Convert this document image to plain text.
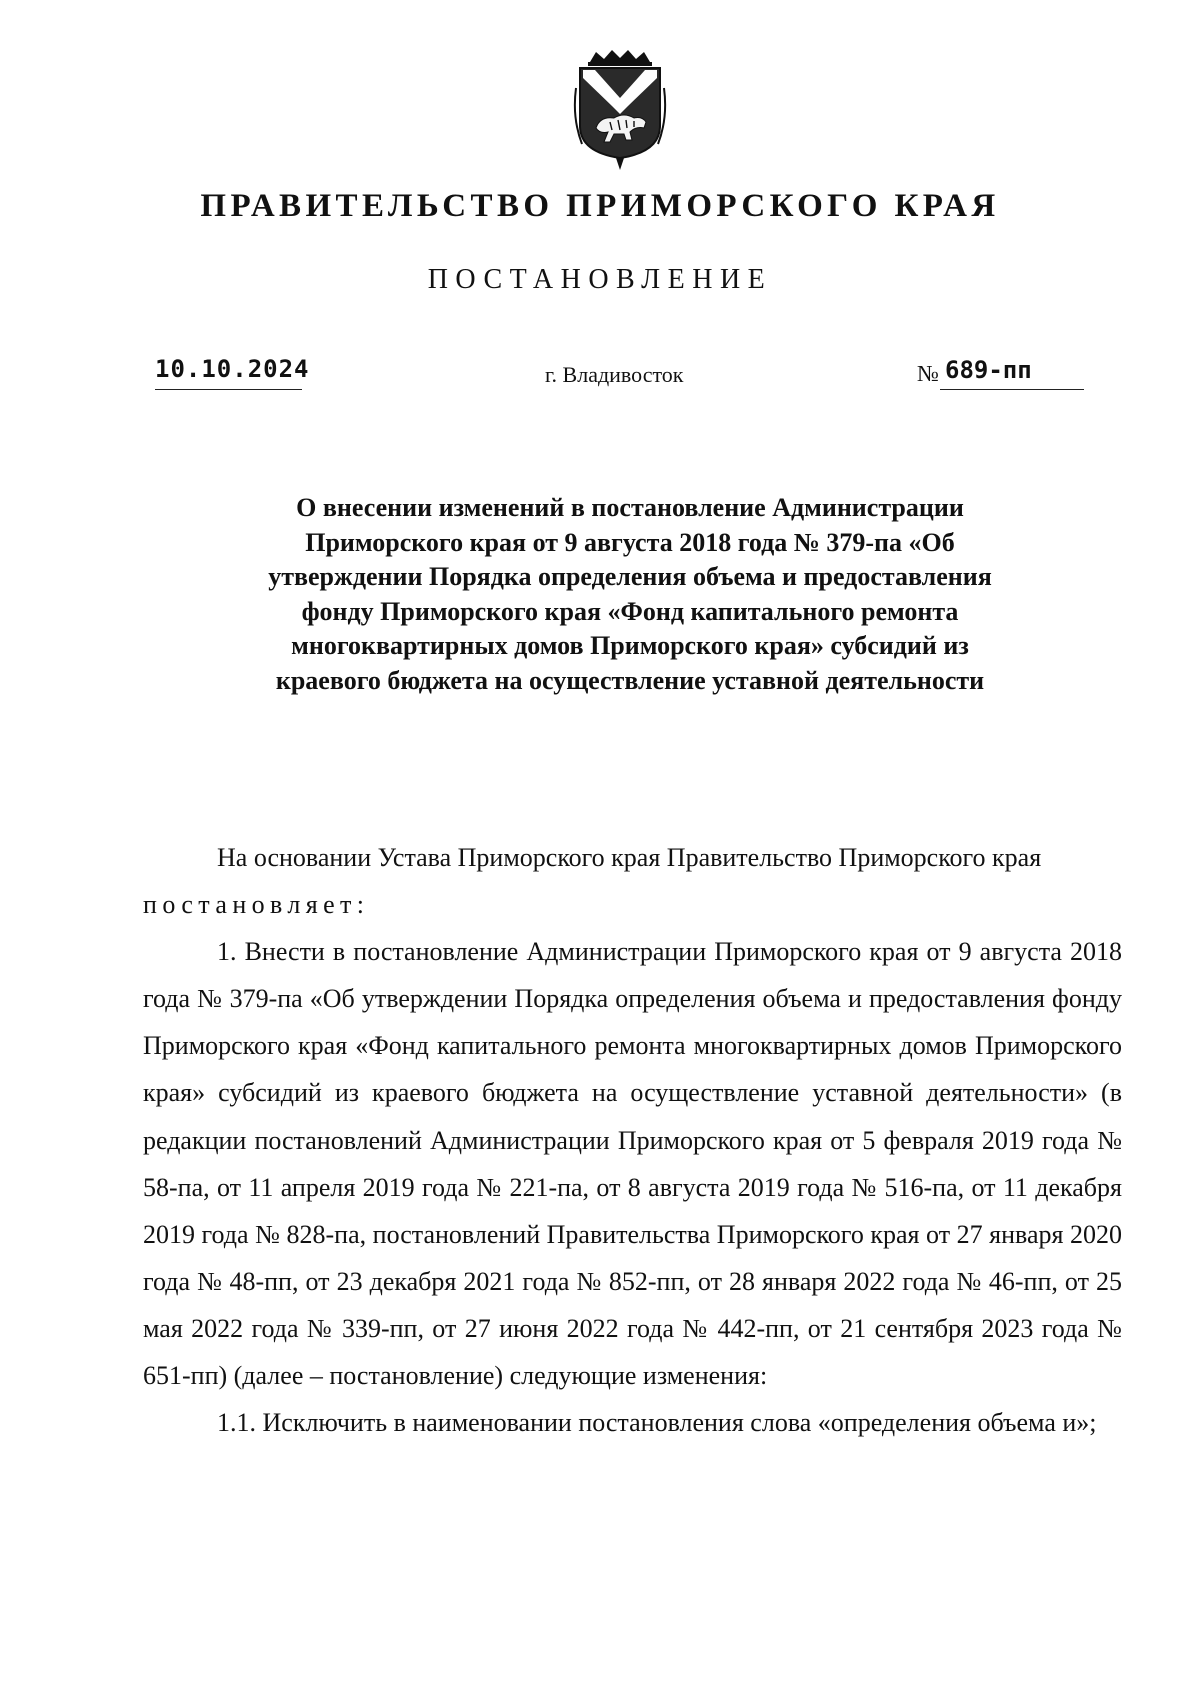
ПРАВИТЕЛЬСТВО ПРИМОРСКОГО КРАЯ
ПОСТАНОВЛЕНИЕ
10.10.2024	г. Владивосток	№ 689-пп
О внесении изменений в постановление Администрации Приморского края от 9 августа 2018 года № 379-па «Об утверждении Порядка определения объема и предоставления фонду Приморского края «Фонд капитального ремонта многоквартирных домов Приморского края» субсидий из краевого бюджета на осуществление уставной деятельности

На основании Устава Приморского края Правительство Приморского края

постановляет:

1. Внести в постановление Администрации Приморского края от 9 августа 2018 года № 379-па «Об утверждении Порядка определения объема и предоставления фонду Приморского края «Фонд капитального ремонта многоквартирных домов Приморского края» субсидий из краевого бюджета на осуществление уставной деятельности» (в редакции постановлений Администрации Приморского края от 5 февраля 2019 года № 58-па, от 11 апреля 2019 года № 221-па, от 8 августа 2019 года № 516-па, от 11 декабря 2019 года № 828-па, постановлений Правительства Приморского края от 27 января 2020 года № 48-пп, от 23 декабря 2021 года № 852-пп, от 28 января 2022 года № 46-пп, от 25 мая 2022 года № 339-пп, от 27 июня 2022 года № 442-пп, от 21 сентября 2023 года № 651-пп) (далее – постановление) следующие изменения:

1.1. Исключить в наименовании постановления слова «определения объема и»;
